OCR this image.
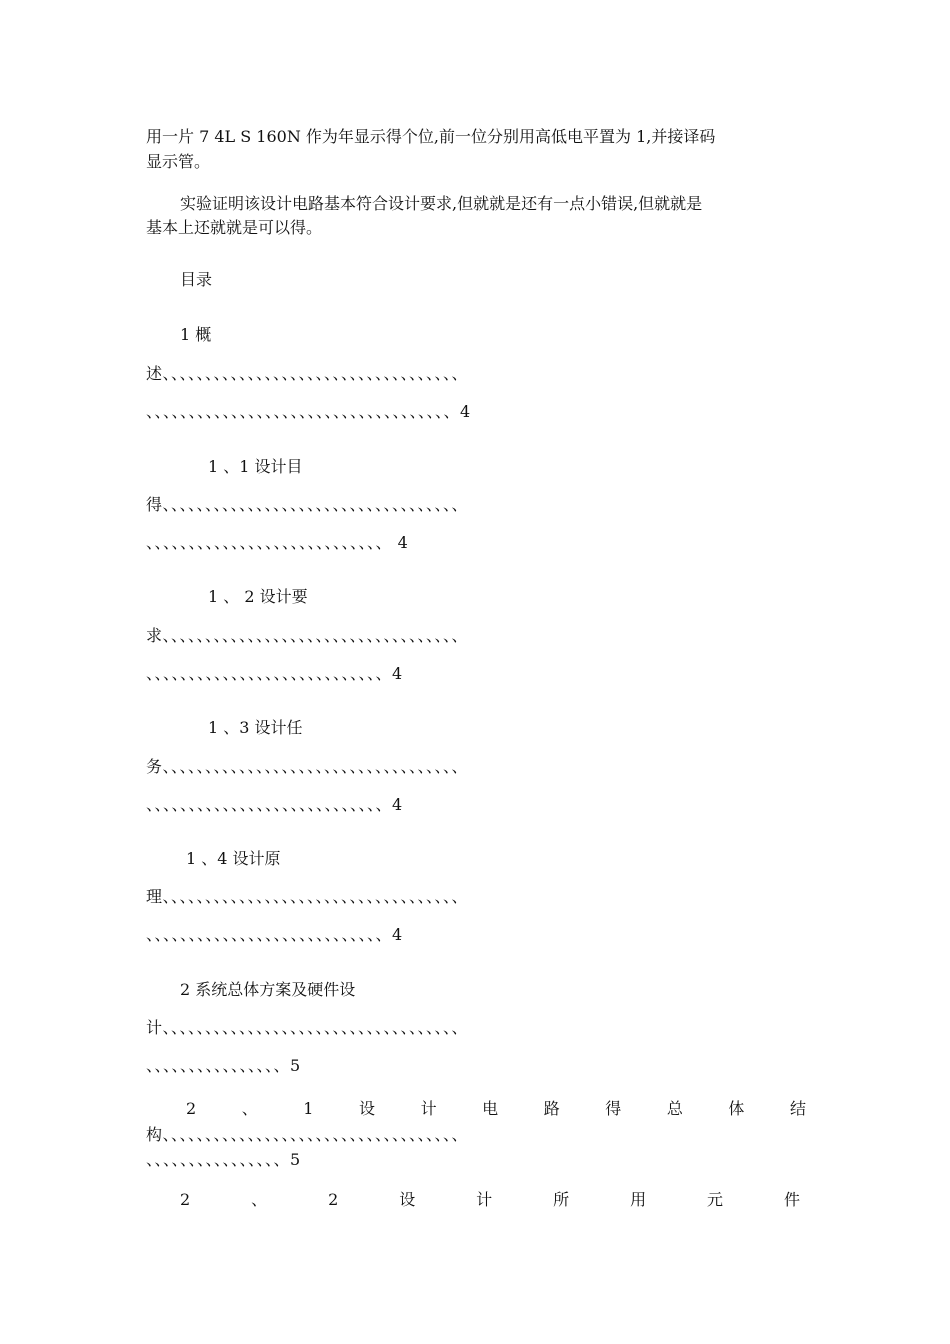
用一片 7 4L S 160N 作为年显示得个位,前一位分别用高低电平置为 1,并接译码
显示管。
实验证明该设计电路基本符合设计要求,但就就是还有一点小错误,但就就是
基本上还就就是可以得。
目录
1 概
述、、、、、、、、、、、、、、、、、、、、、、、、、、、、、、、、、、、
、、、、、、、、、、、、、、、、、、、、、、、、、、、、、、、、、、、、4
1 、1 设计目
得、、、、、、、、、、、、、、、、、、、、、、、、、、、、、、、、、、、
、、、、、、、、、、、、、、、、、、、、、、、、、、、、 4
1 、 2 设计要
求、、、、、、、、、、、、、、、、、、、、、、、、、、、、、、、、、、、
、、、、、、、、、、、、、、、、、、、、、、、、、、、、4
1 、3 设计任
务、、、、、、、、、、、、、、、、、、、、、、、、、、、、、、、、、、、
、、、、、、、、、、、、、、、、、、、、、、、、、、、、4
1 、4 设计原
理、、、、、、、、、、、、、、、、、、、、、、、、、、、、、、、、、、、
、、、、、、、、、、、、、、、、、、、、、、、、、、、、4
2 系统总体方案及硬件设
计、、、、、、、、、、、、、、、、、、、、、、、、、、、、、、、、、、、
、、、、、、、、、、、、、、、、5
2	、	1	设	计	电	路	得	总	体	结
构、、、、、、、、、、、、、、、、、、、、、、、、、、、、、、、、、、、
、、、、、、、、、、、、、、、、5
2	、	2	设	计	所	用	元	件
